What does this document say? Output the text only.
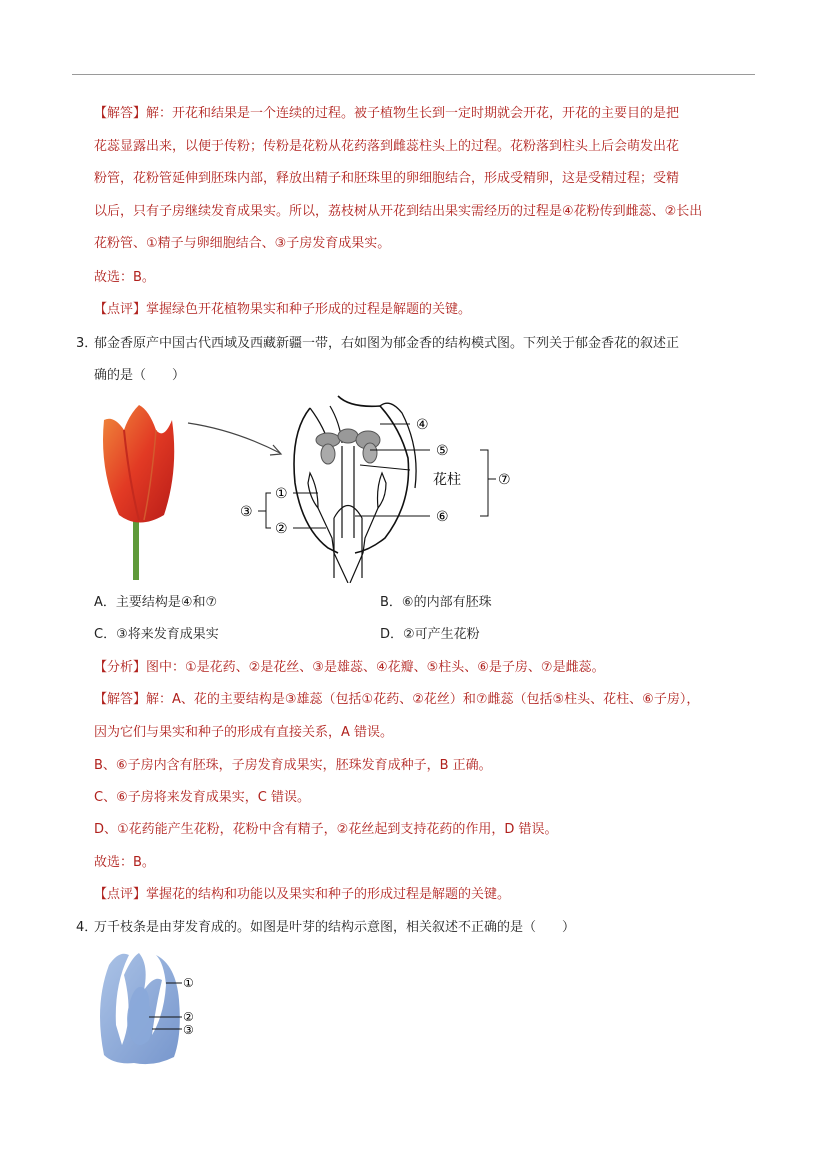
【解答】解：开花和结果是一个连续的过程。被子植物生长到一定时期就会开花，开花的主要目的是把
花蕊显露出来，以便于传粉；传粉是花粉从花药落到雌蕊柱头上的过程。花粉落到柱头上后会萌发出花
粉管，花粉管延伸到胚珠内部，释放出精子和胚珠里的卵细胞结合，形成受精卵，这是受精过程；受精
以后，只有子房继续发育成果实。所以，荔枝树从开花到结出果实需经历的过程是④花粉传到雌蕊、②长出
花粉管、①精子与卵细胞结合、③子房发育成果实。
故选：B。
【点评】掌握绿色开花植物果实和种子形成的过程是解题的关键。
3．
郁金香原产中国古代西域及西藏新疆一带，右如图为郁金香的结构模式图。下列关于郁金香花的叙述正
确的是（　　）
④
⑤
花柱	⑦
⑥
①
②
③
A．主要结构是④和⑦	B．⑥的内部有胚珠
C．③将来发育成果实	D．②可产生花粉
【分析】图中：①是花药、②是花丝、③是雄蕊、④花瓣、⑤柱头、⑥是子房、⑦是雌蕊。
【解答】解：A、花的主要结构是③雄蕊（包括①花药、②花丝）和⑦雌蕊（包括⑤柱头、花柱、⑥子房），
因为它们与果实和种子的形成有直接关系，A 错误。
B、⑥子房内含有胚珠，子房发育成果实，胚珠发育成种子，B 正确。
C、⑥子房将来发育成果实，C 错误。
D、①花药能产生花粉，花粉中含有精子，②花丝起到支持花药的作用，D 错误。
故选：B。
【点评】掌握花的结构和功能以及果实和种子的形成过程是解题的关键。
4．
万千枝条是由芽发育成的。如图是叶芽的结构示意图，相关叙述不正确的是（　　）
①
②
③
